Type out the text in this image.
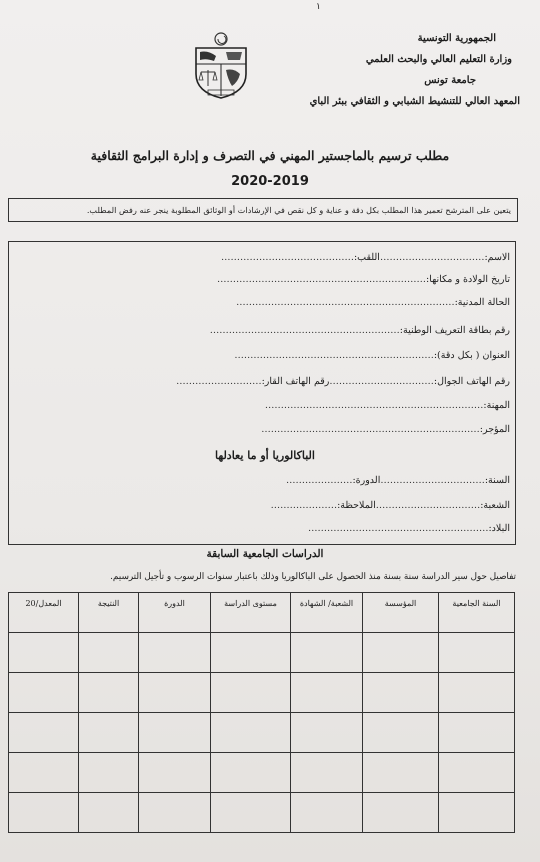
١
الجمهورية التونسية
وزارة التعليم العالي والبحث العلمي
جامعة تونس
المعهد العالي للتنشيط الشبابي و الثقافي ببئر الباي
مطلب ترسيم بالماجستير المهني في التصرف و إدارة البرامج الثقافية
2020-2019
يتعين على المترشح تعمير هذا المطلب بكل دقة و عناية و كل نقص في الإرشادات أو الوثائق المطلوبة ينجر عنه رفض المطلب.
الاسم:……………………………اللقب:……………………………………
تاريخ الولادة و مكانها:…………………………………………………………
الحالة المدنية:……………………………………………………………
رقم بطاقة التعريف الوطنية:……………………………………………………
العنوان ( بكل دقة):………………………………………………………
رقم الهاتف الجوال:……………………………رقم الهاتف القار:………………………
المهنة:……………………………………………………………
المؤجر:……………………………………………………………
الباكالوريا أو ما يعادلها
السنة:……………………………الدورة:…………………
الشعبة:……………………………الملاحظة:…………………
البلاد:…………………………………………………
الدراسات الجامعية السابقة
تفاصيل حول سير الدراسة سنة بسنة منذ الحصول على الباكالوريا وذلك باعتبار سنوات الرسوب و تأجيل الترسيم.
السنة الجامعية	المؤسسة	الشعبة/ الشهادة	مستوى الدراسة	الدورة	النتيجة	المعدل/20
